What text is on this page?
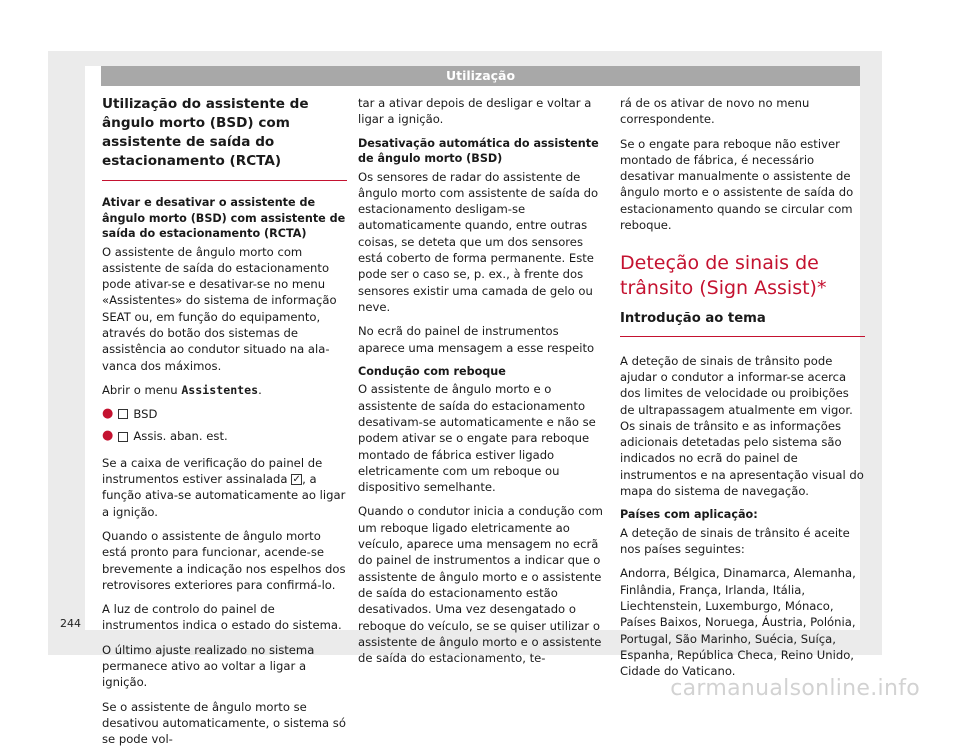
Utilização
Utilização do assistente de ângulo morto (BSD) com assistente de saída do estacionamento (RCTA)

Ativar e desativar o assistente de ângulo morto (BSD) com assistente de saída do estacionamento (RCTA)

O assistente de ângulo morto com assistente de saída do estacionamento pode ativar-se e desativar-se no menu «Assistentes» do sistema de informação SEAT ou, em função do equipamento, através do botão dos sistemas de assistência ao condutor situado na alavanca dos máximos.

Abrir o menu Assistentes.

● BSD
● Assis. aban. est.

Se a caixa de verificação do painel de instrumentos estiver assinalada ✓, a função ativa-se automaticamente ao ligar a ignição.

Quando o assistente de ângulo morto está pronto para funcionar, acende-se brevemente a indicação nos espelhos dos retrovisores exteriores para confirmá-lo.

A luz de controlo do painel de instrumentos indica o estado do sistema.

O último ajuste realizado no sistema permanece ativo ao voltar a ligar a ignição.

Se o assistente de ângulo morto se desativou automaticamente, o sistema só se pode vol-

tar a ativar depois de desligar e voltar a ligar a ignição.

Desativação automática do assistente de ângulo morto (BSD)

Os sensores de radar do assistente de ângulo morto com assistente de saída do estacionamento desligam-se automaticamente quando, entre outras coisas, se deteta que um dos sensores está coberto de forma permanente. Este pode ser o caso se, p. ex., à frente dos sensores existir uma camada de gelo ou neve.

No ecrã do painel de instrumentos aparece uma mensagem a esse respeito

Condução com reboque

O assistente de ângulo morto e o assistente de saída do estacionamento desativam-se automaticamente e não se podem ativar se o engate para reboque montado de fábrica estiver ligado eletricamente com um reboque ou dispositivo semelhante.

Quando o condutor inicia a condução com um reboque ligado eletricamente ao veículo, aparece uma mensagem no ecrã do painel de instrumentos a indicar que o assistente de ângulo morto e o assistente de saída do estacionamento estão desativados. Uma vez desengatado o reboque do veículo, se se quiser utilizar o assistente de ângulo morto e o assistente de saída do estacionamento, te-

rá de os ativar de novo no menu correspondente.

Se o engate para reboque não estiver montado de fábrica, é necessário desativar manualmente o assistente de ângulo morto e o assistente de saída do estacionamento quando se circular com reboque.

Deteção de sinais de trânsito (Sign Assist)*
Introdução ao tema

A deteção de sinais de trânsito pode ajudar o condutor a informar-se acerca dos limites de velocidade ou proibições de ultrapassagem atualmente em vigor. Os sinais de trânsito e as informações adicionais detetadas pelo sistema são indicados no ecrã do painel de instrumentos e na apresentação visual do mapa do sistema de navegação.

Países com aplicação:

A deteção de sinais de trânsito é aceite nos países seguintes:

Andorra, Bélgica, Dinamarca, Alemanha, Finlândia, França, Irlanda, Itália, Liechtenstein, Luxemburgo, Mónaco, Países Baixos, Noruega, Áustria, Polónia, Portugal, São Marinho, Suécia, Suíça, Espanha, República Checa, Reino Unido, Cidade do Vaticano.

244
carmanualsonline.info
